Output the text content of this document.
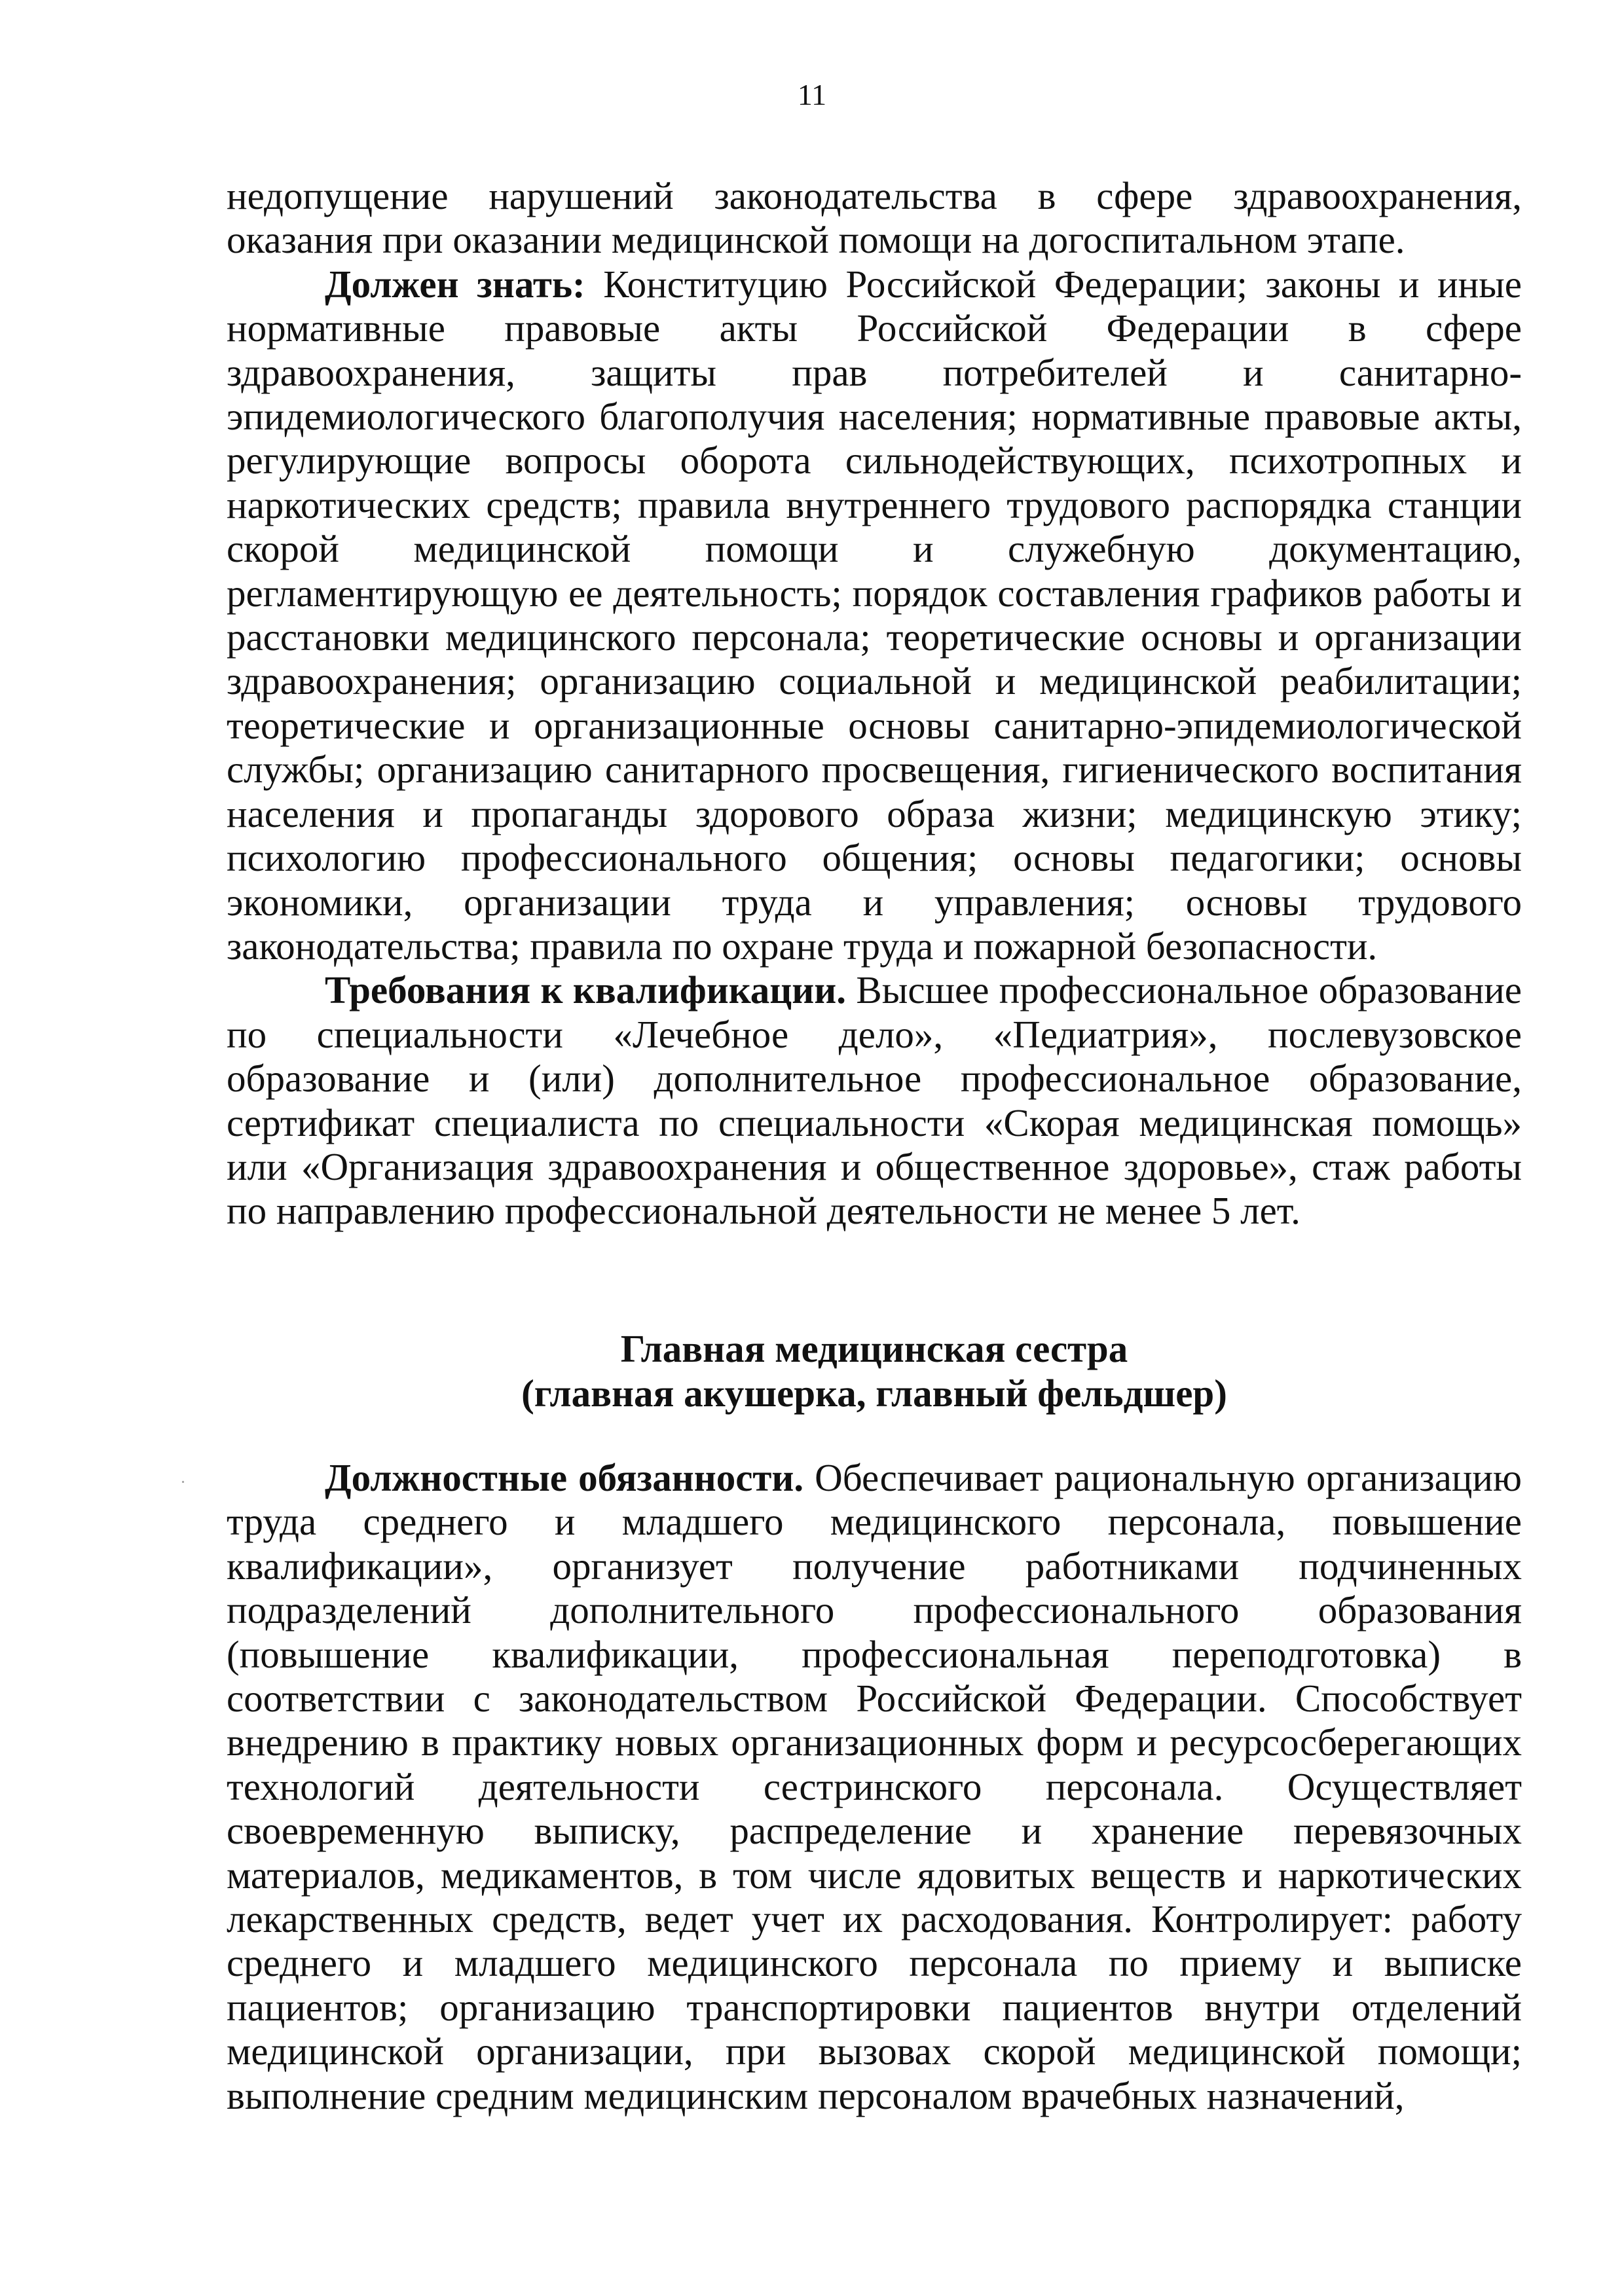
11

недопущение нарушений законодательства в сфере здравоохранения, оказания при оказании медицинской помощи на догоспитальном этапе.

Должен знать: Конституцию Российской Федерации; законы и иные нормативные правовые акты Российской Федерации в сфере здравоохранения, защиты прав потребителей и санитарно-эпидемиологического благополучия населения; нормативные правовые акты, регулирующие вопросы оборота сильнодействующих, психотропных и наркотических средств; правила внутреннего трудового распорядка станции скорой медицинской помощи и служебную документацию, регламентирующую ее деятельность; порядок составления графиков работы и расстановки медицинского персонала; теоретические основы и организации здравоохранения; организацию социальной и медицинской реабилитации; теоретические и организационные основы санитарно-эпидемиологической службы; организацию санитарного просвещения, гигиенического воспитания населения и пропаганды здорового образа жизни; медицинскую этику; психологию профессионального общения; основы педагогики; основы экономики, организации труда и управления; основы трудового законодательства; правила по охране труда и пожарной безопасности.

Требования к квалификации. Высшее профессиональное образование по специальности «Лечебное дело», «Педиатрия», послевузовское образование и (или) дополнительное профессиональное образование, сертификат специалиста по специальности «Скорая медицинская помощь» или «Организация здравоохранения и общественное здоровье», стаж работы по направлению профессиональной деятельности не менее 5 лет.

Главная медицинская сестра
(главная акушерка, главный фельдшер)

Должностные обязанности. Обеспечивает рациональную организацию труда среднего и младшего медицинского персонала, повышение квалификации», организует получение работниками подчиненных подразделений дополнительного профессионального образования (повышение квалификации, профессиональная переподготовка) в соответствии с законодательством Российской Федерации. Способствует внедрению в практику новых организационных форм и ресурсосберегающих технологий деятельности сестринского персонала. Осуществляет своевременную выписку, распределение и хранение перевязочных материалов, медикаментов, в том числе ядовитых веществ и наркотических лекарственных средств, ведет учет их расходования. Контролирует: работу среднего и младшего медицинского персонала по приему и выписке пациентов; организацию транспортировки пациентов внутри отделений медицинской организации, при вызовах скорой медицинской помощи; выполнение средним медицинским персоналом врачебных назначений,
